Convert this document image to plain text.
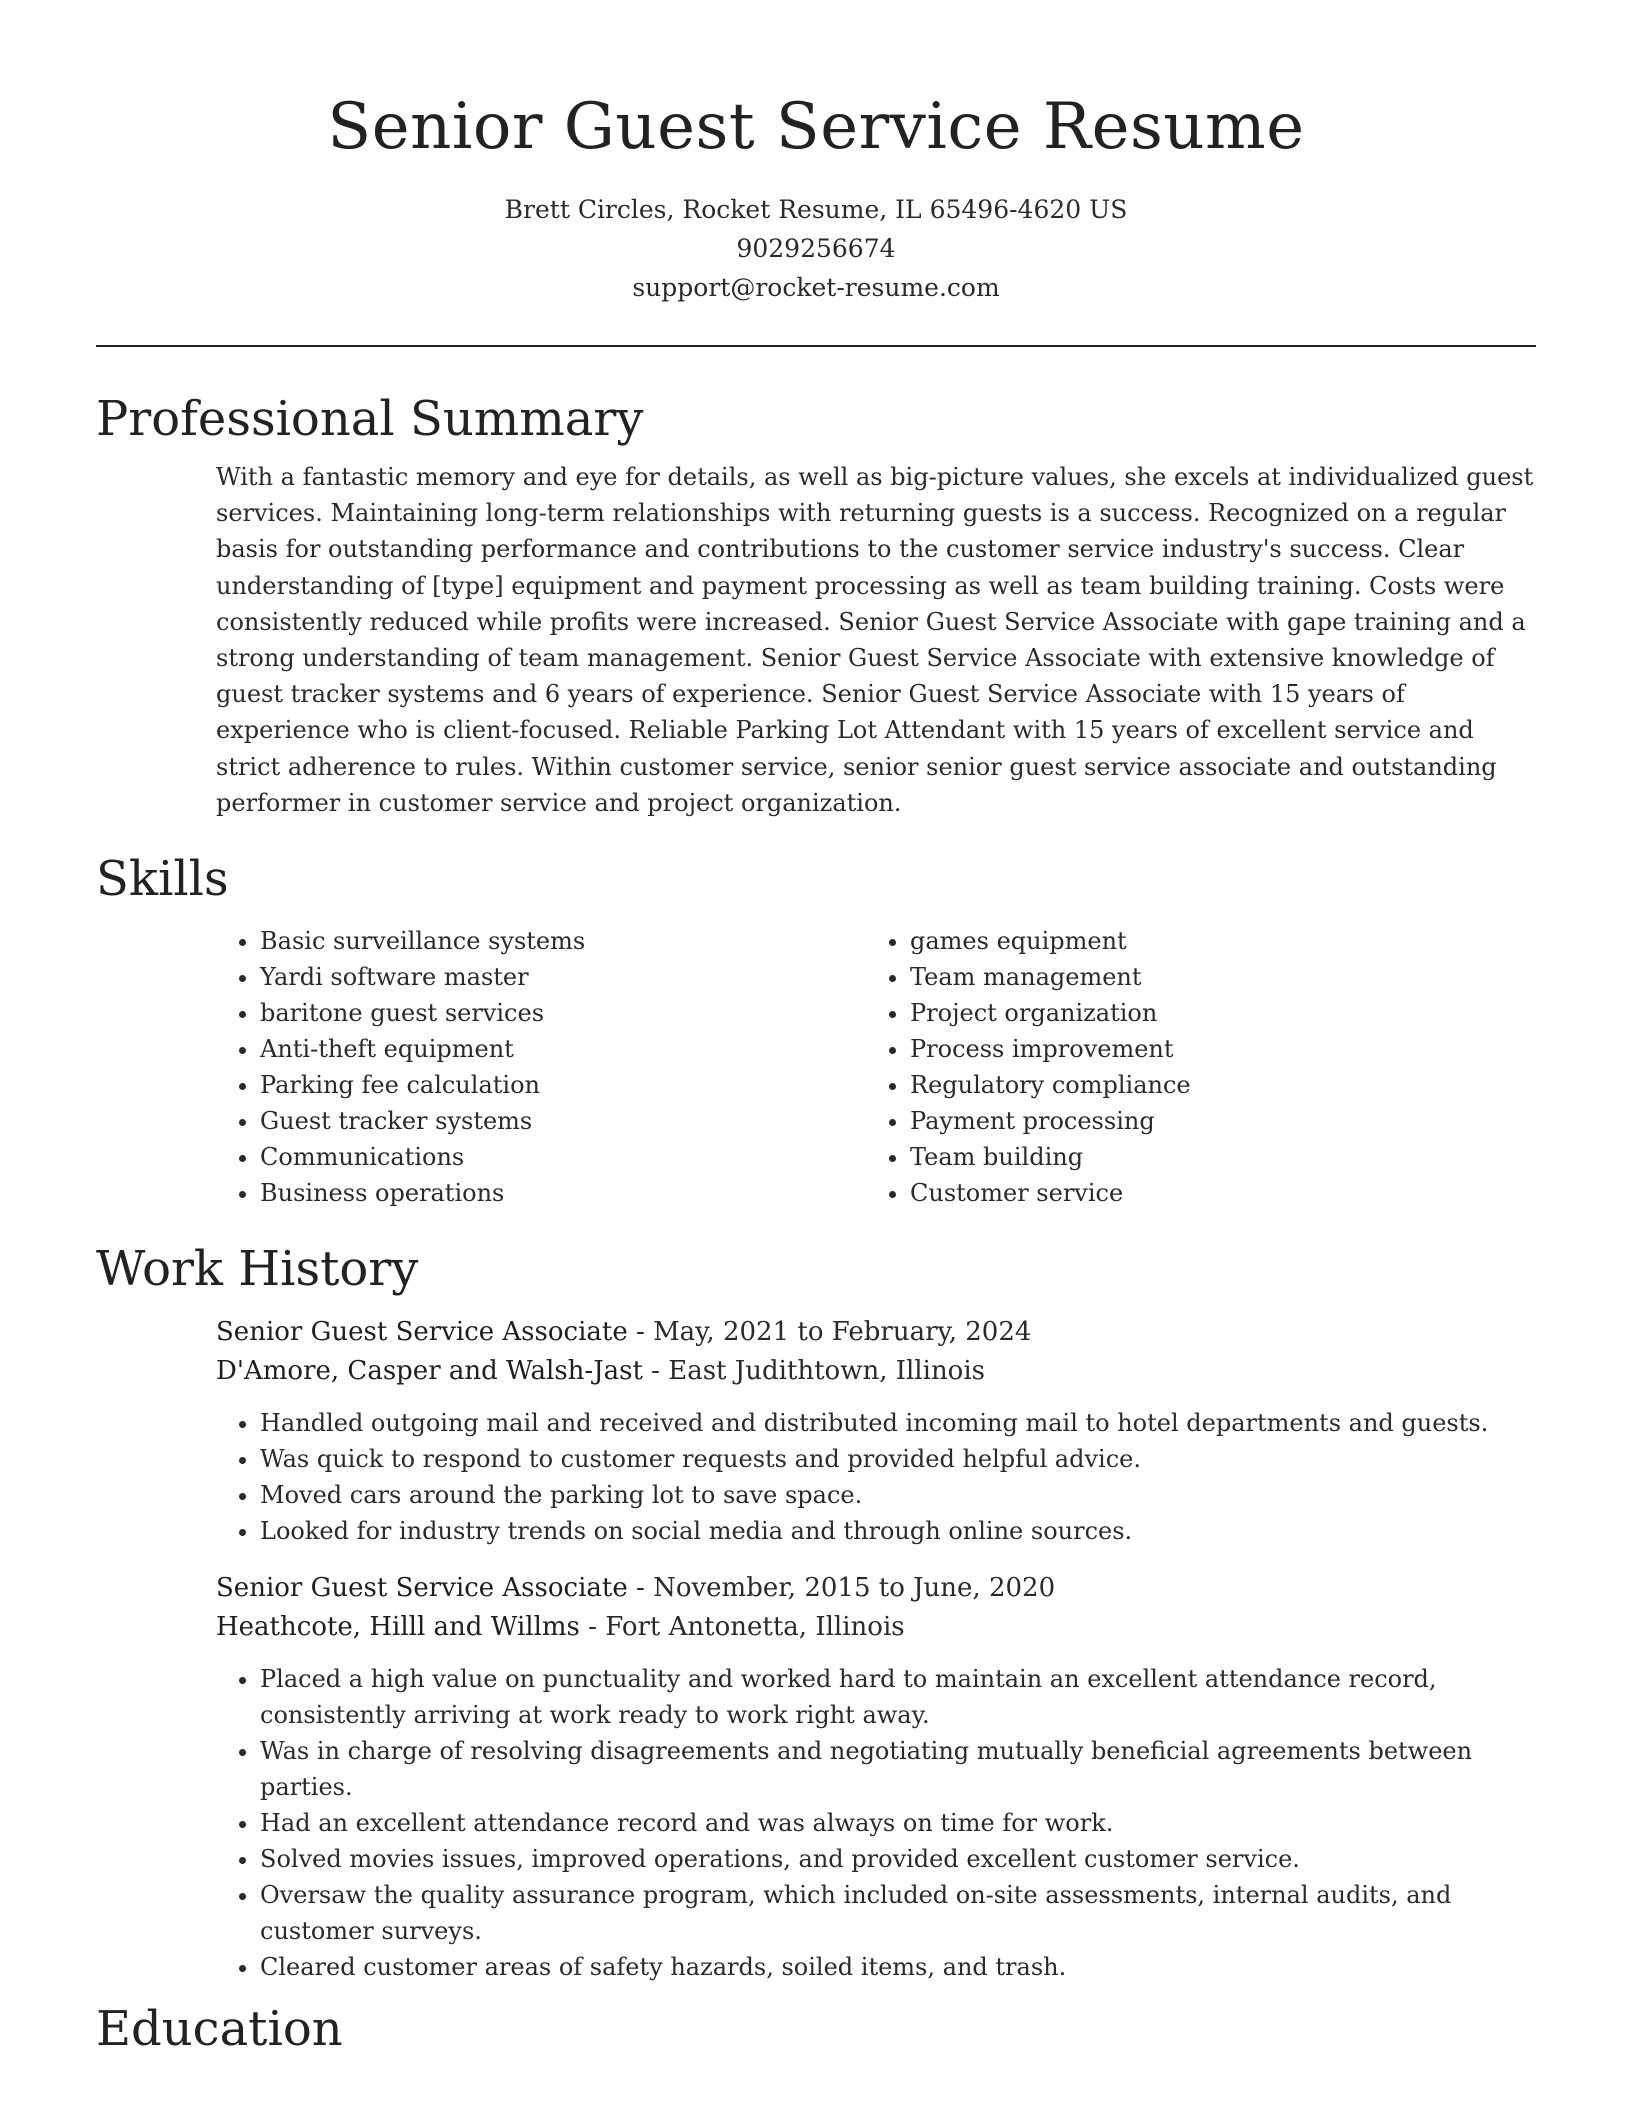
Senior Guest Service Resume
Brett Circles, Rocket Resume, IL 65496-4620 US
9029256674
support@rocket-resume.com
Professional Summary
With a fantastic memory and eye for details, as well as big-picture values, she excels at individualized guest services. Maintaining long-term relationships with returning guests is a success. Recognized on a regular basis for outstanding performance and contributions to the customer service industry's success. Clear understanding of [type] equipment and payment processing as well as team building training. Costs were consistently reduced while profits were increased. Senior Guest Service Associate with gape training and a strong understanding of team management. Senior Guest Service Associate with extensive knowledge of guest tracker systems and 6 years of experience. Senior Guest Service Associate with 15 years of experience who is client-focused. Reliable Parking Lot Attendant with 15 years of excellent service and strict adherence to rules. Within customer service, senior senior guest service associate and outstanding performer in customer service and project organization.
Skills
• Basic surveillance systems
• Yardi software master
• baritone guest services
• Anti-theft equipment
• Parking fee calculation
• Guest tracker systems
• Communications
• Business operations
• games equipment
• Team management
• Project organization
• Process improvement
• Regulatory compliance
• Payment processing
• Team building
• Customer service
Work History
Senior Guest Service Associate - May, 2021 to February, 2024
D'Amore, Casper and Walsh-Jast - East Judithtown, Illinois
• Handled outgoing mail and received and distributed incoming mail to hotel departments and guests.
• Was quick to respond to customer requests and provided helpful advice.
• Moved cars around the parking lot to save space.
• Looked for industry trends on social media and through online sources.
Senior Guest Service Associate - November, 2015 to June, 2020
Heathcote, Hilll and Willms - Fort Antonetta, Illinois
• Placed a high value on punctuality and worked hard to maintain an excellent attendance record, consistently arriving at work ready to work right away.
• Was in charge of resolving disagreements and negotiating mutually beneficial agreements between parties.
• Had an excellent attendance record and was always on time for work.
• Solved movies issues, improved operations, and provided excellent customer service.
• Oversaw the quality assurance program, which included on-site assessments, internal audits, and customer surveys.
• Cleared customer areas of safety hazards, soiled items, and trash.
Education
